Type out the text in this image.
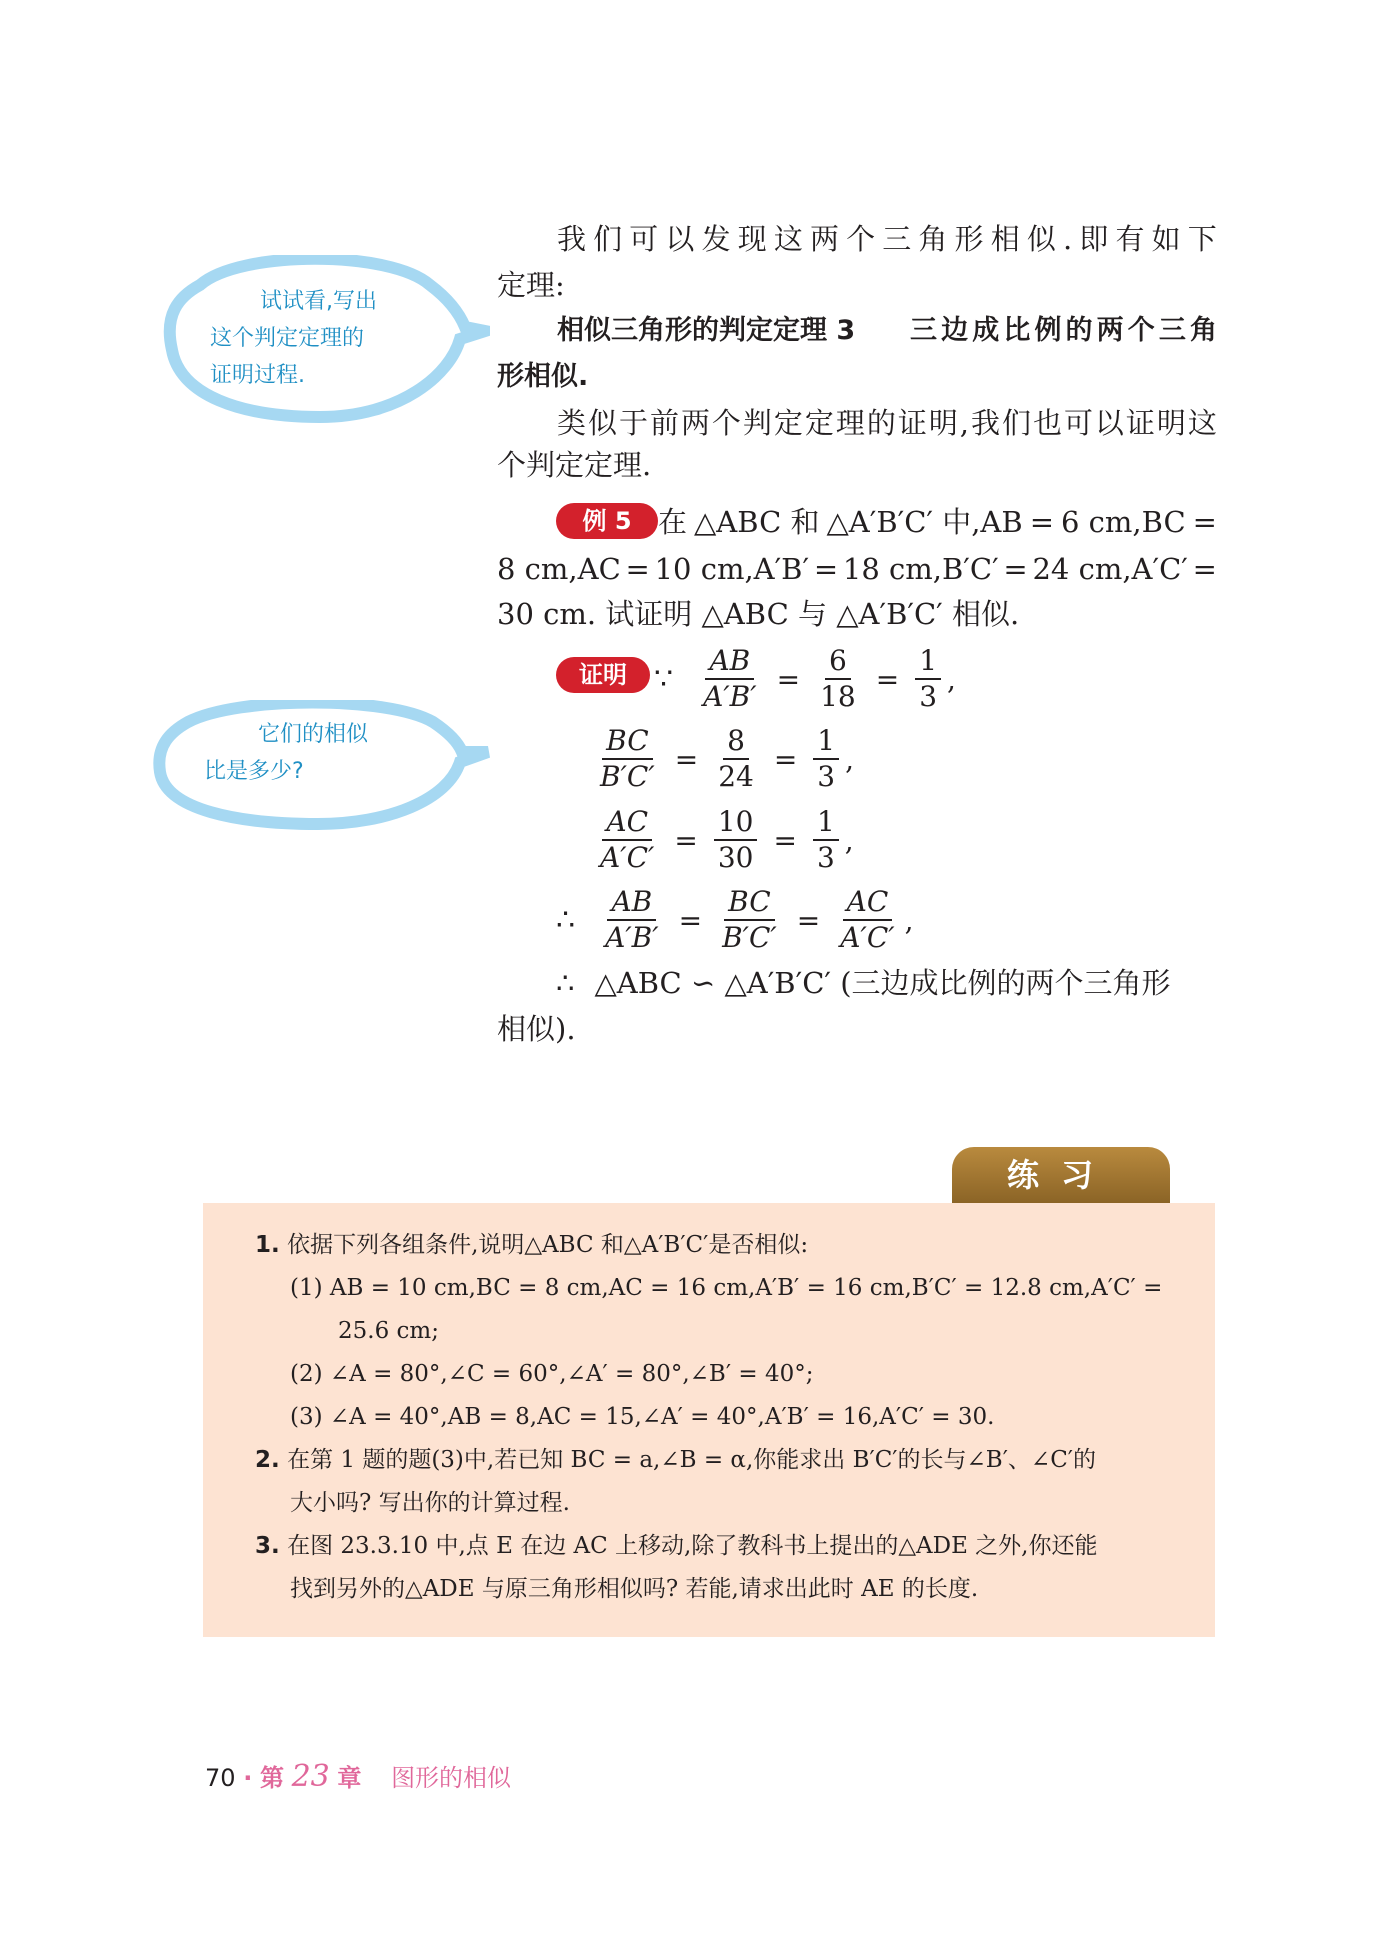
试试看,写出
这个判定定理的
证明过程.
它们的相似
比是多少?
我 们 可 以 发 现 这 两 个 三 角 形 相 似 . 即 有 如 下
定理:
相似三角形的判定定理 3 三 边 成 比 例 的 两 个 三 角
形相似.
类 似 于 前 两 个 判 定 定 理 的 证 明 , 我 们 也 可 以 证 明 这
个判定定理.
例 5 在 △ABC 和 △A′B′C′ 中,AB = 6 cm,BC =
8 cm,AC = 10 cm,A′B′ = 18 cm,B′C′ = 24 cm,A′C′ =
30 cm. 试证明 △ABC 与 △A′B′C′ 相似.
证明 ∵ $\frac{AB}{A'B'} = \frac{6}{18} = \frac{1}{3}$ ,
$\frac{BC}{B'C'} = \frac{8}{24} = \frac{1}{3}$ ,
$\frac{AC}{A'C'} = \frac{10}{30} = \frac{1}{3}$ ,
∴ $\frac{AB}{A'B'} = \frac{BC}{B'C'} = \frac{AC}{A'C'}$ ,
∴ △ABC ∽ △A′B′C′ (三边成比例的两个三角形
相似).
练习
1. 依据下列各组条件,说明△ABC 和△A′B′C′是否相似:
(1) AB = 10 cm,BC = 8 cm,AC = 16 cm,A′B′ = 16 cm,B′C′ = 12.8 cm,A′C′ =
25.6 cm;
(2) ∠A = 80°,∠C = 60°,∠A′ = 80°,∠B′ = 40°;
(3) ∠A = 40°,AB = 8,AC = 15,∠A′ = 40°,A′B′ = 16,A′C′ = 30.
2. 在第 1 题的题(3)中,若已知 BC = a,∠B = α,你能求出 B′C′的长与∠B′、∠C′的
大小吗? 写出你的计算过程.
3. 在图 23.3.10 中,点 E 在边 AC 上移动,除了教科书上提出的△ADE 之外,你还能
找到另外的△ADE 与原三角形相似吗? 若能,请求出此时 AE 的长度.
70 · 第 23 章 图形的相似
